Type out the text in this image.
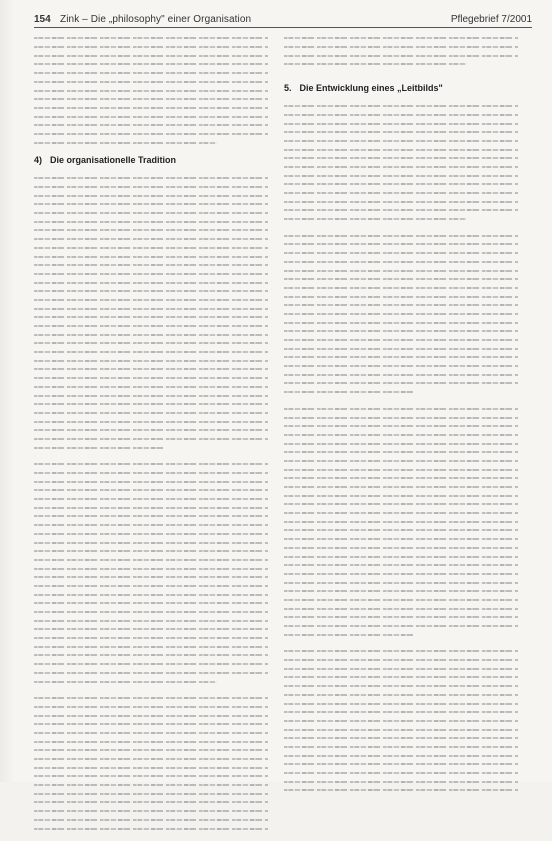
154 Zink – Die „philosophy" einer Organisation	Pflegebrief 7/2001
4) Die organisationelle Tradition
5. Die Entwicklung eines „Leitbilds"
